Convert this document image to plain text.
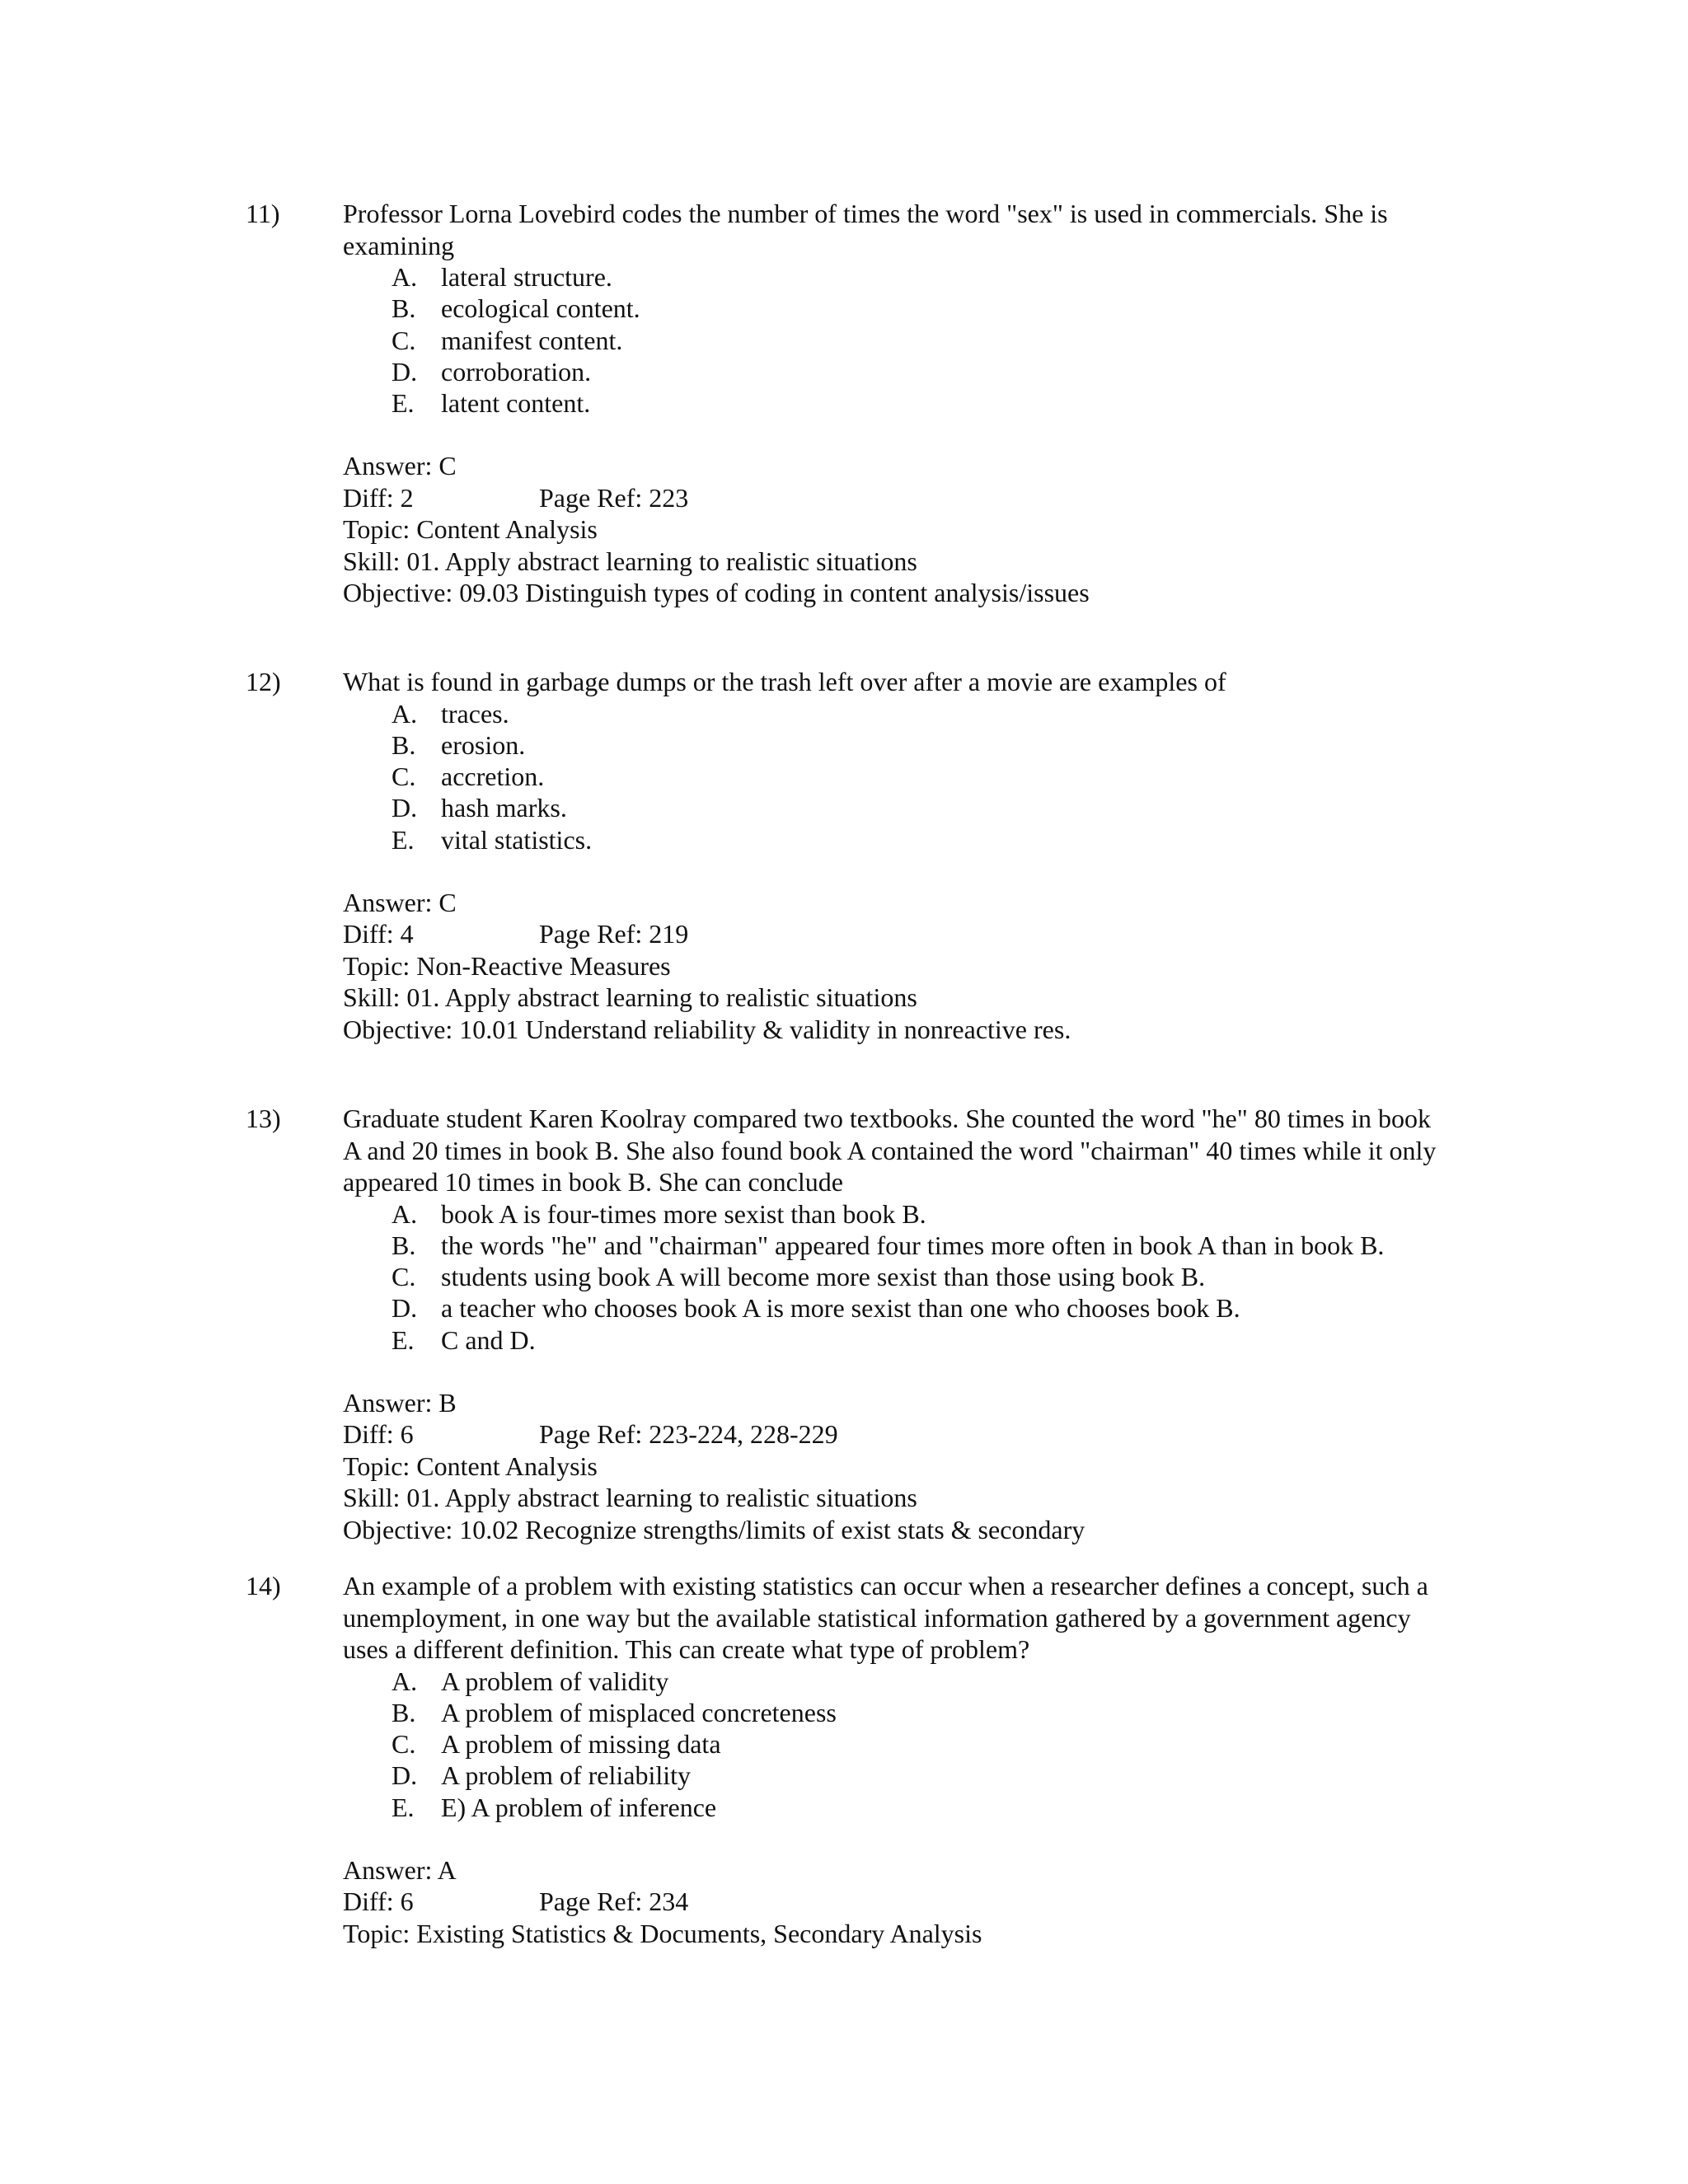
11) Professor Lorna Lovebird codes the number of times the word "sex" is used in commercials. She is examining

A. lateral structure.
B. ecological content.
C. manifest content.
D. corroboration.
E.	latent content.
Answer: C
Diff: 2	Page Ref: 223
Topic: Content Analysis
Skill: 01. Apply abstract learning to realistic situations
Objective: 09.03 Distinguish types of coding in content analysis/issues
12) What is found in garbage dumps or the trash left over after a movie are examples of

A. traces.
B. erosion.
C. accretion.
D. hash marks.
E.	vital statistics.
Answer: C
Diff: 4	Page Ref: 219
Topic: Non-Reactive Measures
Skill: 01. Apply abstract learning to realistic situations
Objective: 10.01 Understand reliability & validity in nonreactive res.
13) Graduate student Karen Koolray compared two textbooks. She counted the word "he" 80 times in book A and 20 times in book B. She also found book A contained the word "chairman" 40 times while it only appeared 10 times in book B. She can conclude

A. book A is four-times more sexist than book B.
B. the words "he" and "chairman" appeared four times more often in book A than in book B.
C. students using book A will become more sexist than those using book B.
D. a teacher who chooses book A is more sexist than one who chooses book B.
E.	C and D.
Answer: B
Diff: 6	Page Ref: 223-224, 228-229
Topic: Content Analysis
Skill: 01. Apply abstract learning to realistic situations
Objective: 10.02 Recognize strengths/limits of exist stats & secondary
14) An example of a problem with existing statistics can occur when a researcher defines a concept, such a unemployment, in one way but the available statistical information gathered by a government agency uses a different definition. This can create what type of problem?

A. A problem of validity
B. A problem of misplaced concreteness
C. A problem of missing data
D. A problem of reliability
E.	E) A problem of inference
Answer: A
Diff: 6	Page Ref: 234
Topic: Existing Statistics & Documents, Secondary Analysis
